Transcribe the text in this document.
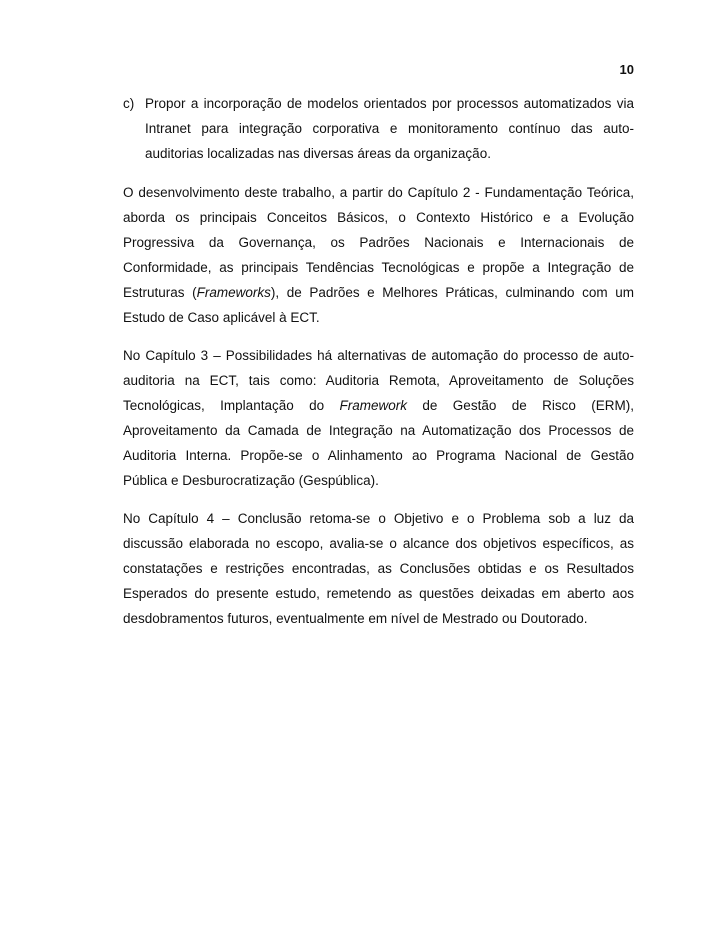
10
c) Propor a incorporação de modelos orientados por processos automatizados via
Intranet para integração corporativa e monitoramento contínuo das auto-
auditorias localizadas nas diversas áreas da organização.
O desenvolvimento deste trabalho, a partir do Capítulo 2 - Fundamentação Teórica,
aborda os principais Conceitos Básicos, o Contexto Histórico e a Evolução
Progressiva da Governança, os Padrões Nacionais e Internacionais de
Conformidade, as principais Tendências Tecnológicas e propõe a Integração de
Estruturas (Frameworks), de Padrões e Melhores Práticas, culminando com um
Estudo de Caso aplicável à ECT.
No Capítulo 3 – Possibilidades há alternativas de automação do processo de auto-
auditoria na ECT, tais como: Auditoria Remota, Aproveitamento de Soluções
Tecnológicas, Implantação do Framework de Gestão de Risco (ERM),
Aproveitamento da Camada de Integração na Automatização dos Processos de
Auditoria Interna. Propõe-se o Alinhamento ao Programa Nacional de Gestão
Pública e Desburocratização (Gespública).
No Capítulo 4 – Conclusão retoma-se o Objetivo e o Problema sob a luz da
discussão elaborada no escopo, avalia-se o alcance dos objetivos específicos, as
constatações e restrições encontradas, as Conclusões obtidas e os Resultados
Esperados do presente estudo, remetendo as questões deixadas em aberto aos
desdobramentos futuros, eventualmente em nível de Mestrado ou Doutorado.
